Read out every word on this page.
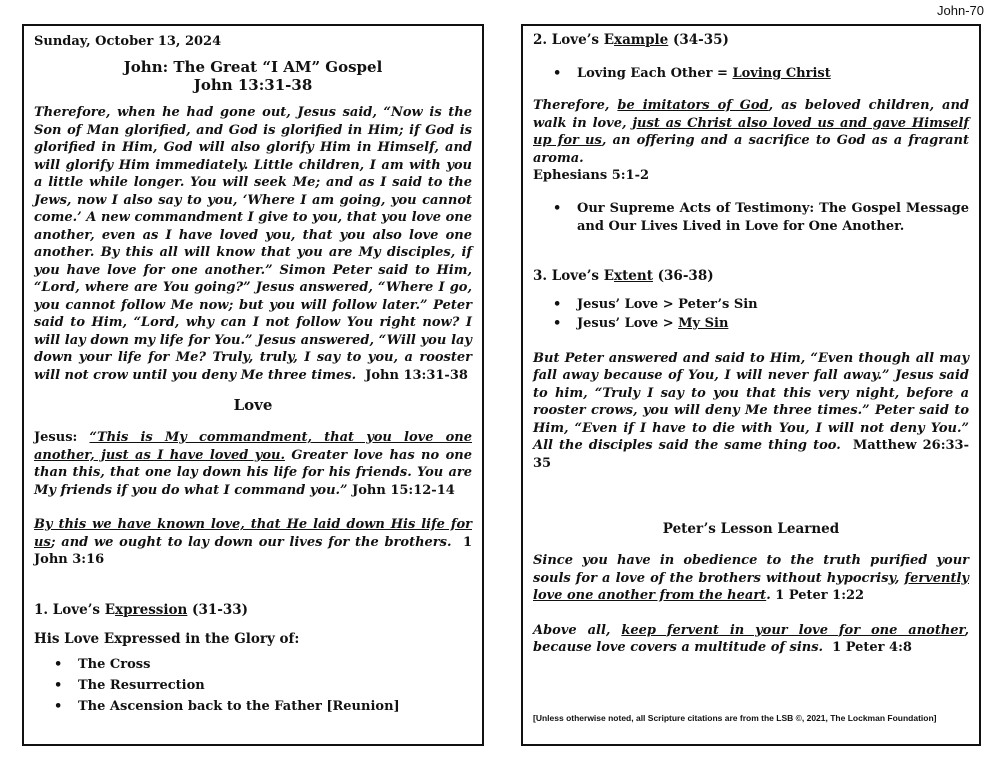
John-70

Sunday, October 13, 2024

John: The Great “I AM” Gospel
John 13:31-38

Therefore, when he had gone out, Jesus said, “Now is the Son of Man glorified, and God is glorified in Him; if God is glorified in Him, God will also glorify Him in Himself, and will glorify Him immediately. Little children, I am with you a little while longer. You will seek Me; and as I said to the Jews, now I also say to you, ‘Where I am going, you cannot come.’ A new commandment I give to you, that you love one another, even as I have loved you, that you also love one another. By this all will know that you are My disciples, if you have love for one another.” Simon Peter said to Him, “Lord, where are You going?” Jesus answered, “Where I go, you cannot follow Me now; but you will follow later.” Peter said to Him, “Lord, why can I not follow You right now? I will lay down my life for You.” Jesus answered, “Will you lay down your life for Me? Truly, truly, I say to you, a rooster will not crow until you deny Me three times. John 13:31-38

Love

Jesus: “This is My commandment, that you love one another, just as I have loved you. Greater love has no one than this, that one lay down his life for his friends. You are My friends if you do what I command you.” John 15:12-14

By this we have known love, that He laid down His life for us; and we ought to lay down our lives for the brothers. 1 John 3:16

1. Love’s Expression (31-33)

His Love Expressed in the Glory of:

• The Cross
• The Resurrection
• The Ascension back to the Father [Reunion]

2. Love’s Example (34-35)

• Loving Each Other = Loving Christ

Therefore, be imitators of God, as beloved children, and walk in love, just as Christ also loved us and gave Himself up for us, an offering and a sacrifice to God as a fragrant aroma.
Ephesians 5:1-2

• Our Supreme Acts of Testimony: The Gospel Message and Our Lives Lived in Love for One Another.

3. Love’s Extent (36-38)

• Jesus’ Love > Peter’s Sin
• Jesus’ Love > My Sin

But Peter answered and said to Him, “Even though all may fall away because of You, I will never fall away.” Jesus said to him, “Truly I say to you that this very night, before a rooster crows, you will deny Me three times.” Peter said to Him, “Even if I have to die with You, I will not deny You.” All the disciples said the same thing too. Matthew 26:33-35

Peter’s Lesson Learned

Since you have in obedience to the truth purified your souls for a love of the brothers without hypocrisy, fervently love one another from the heart. 1 Peter 1:22

Above all, keep fervent in your love for one another, because love covers a multitude of sins. 1 Peter 4:8

[Unless otherwise noted, all Scripture citations are from the LSB ©, 2021, The Lockman Foundation]
